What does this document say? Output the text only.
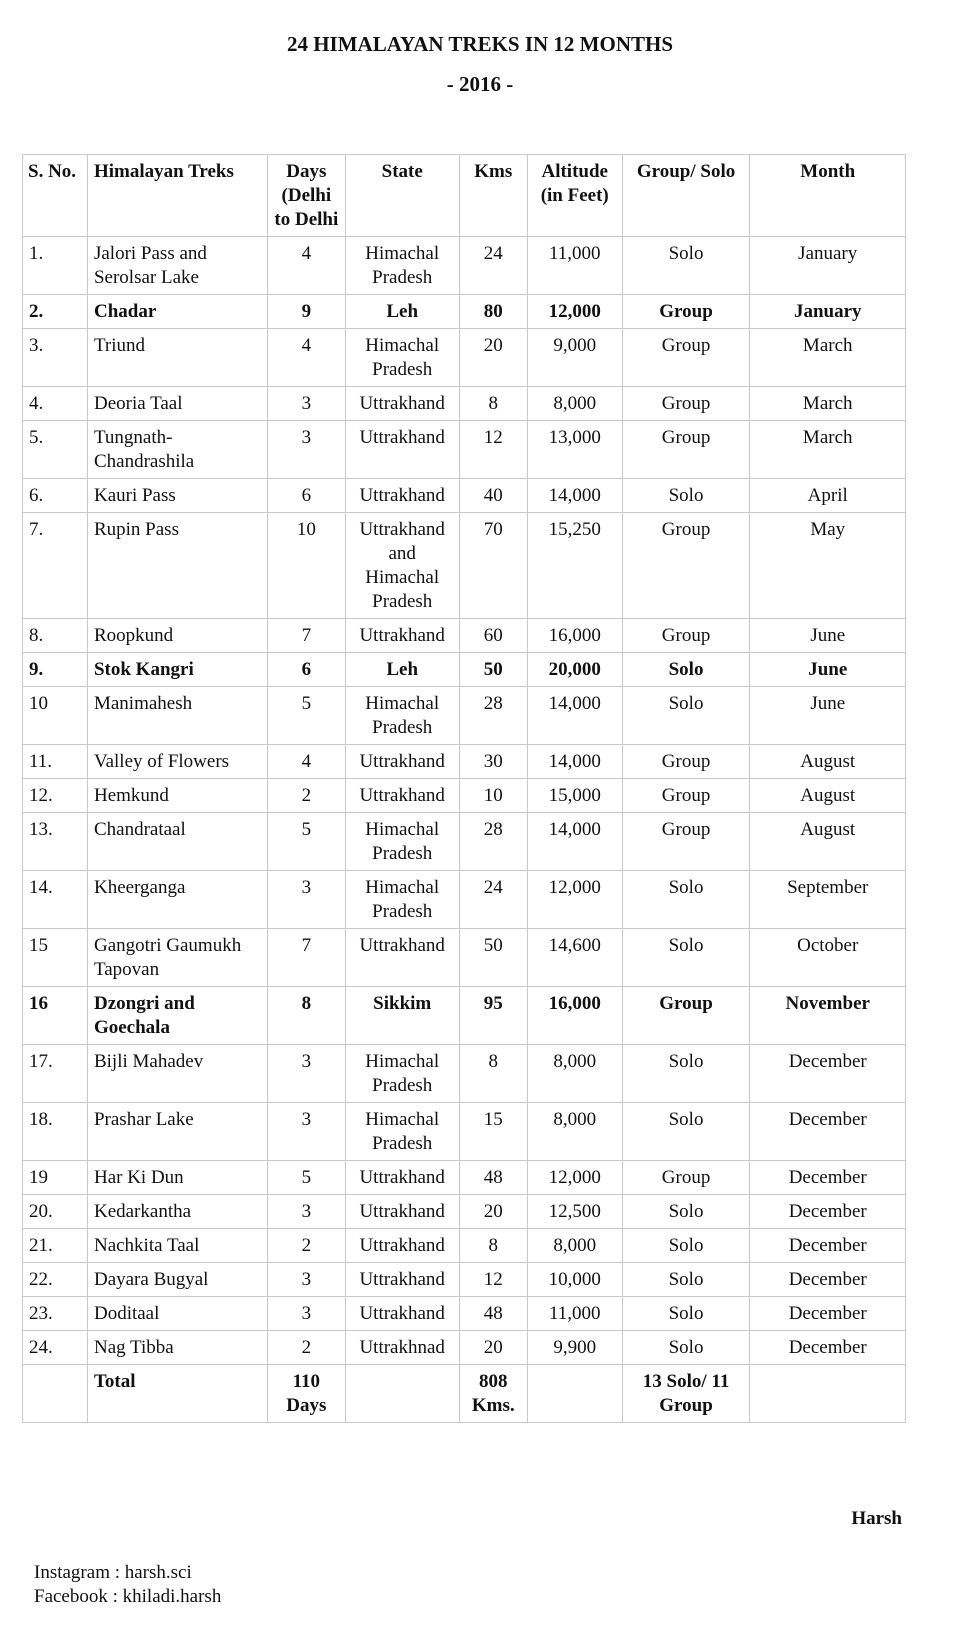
24 HIMALAYAN TREKS IN 12 MONTHS
- 2016 -
S. No.	Himalayan Treks	Days (Delhi to Delhi	State	Kms	Altitude (in Feet)	Group/ Solo	Month
1.	Jalori Pass and Serolsar Lake	4	Himachal Pradesh	24	11,000	Solo	January
2.	Chadar	9	Leh	80	12,000	Group	January
3.	Triund	4	Himachal Pradesh	20	9,000	Group	March
4.	Deoria Taal	3	Uttrakhand	8	8,000	Group	March
5.	Tungnath-Chandrashila	3	Uttrakhand	12	13,000	Group	March
6.	Kauri Pass	6	Uttrakhand	40	14,000	Solo	April
7.	Rupin Pass	10	Uttrakhand and Himachal Pradesh	70	15,250	Group	May
8.	Roopkund	7	Uttrakhand	60	16,000	Group	June
9.	Stok Kangri	6	Leh	50	20,000	Solo	June
10	Manimahesh	5	Himachal Pradesh	28	14,000	Solo	June
11.	Valley of Flowers	4	Uttrakhand	30	14,000	Group	August
12.	Hemkund	2	Uttrakhand	10	15,000	Group	August
13.	Chandrataal	5	Himachal Pradesh	28	14,000	Group	August
14.	Kheerganga	3	Himachal Pradesh	24	12,000	Solo	September
15	Gangotri Gaumukh Tapovan	7	Uttrakhand	50	14,600	Solo	October
16	Dzongri and Goechala	8	Sikkim	95	16,000	Group	November
17.	Bijli Mahadev	3	Himachal Pradesh	8	8,000	Solo	December
18.	Prashar Lake	3	Himachal Pradesh	15	8,000	Solo	December
19	Har Ki Dun	5	Uttrakhand	48	12,000	Group	December
20.	Kedarkantha	3	Uttrakhand	20	12,500	Solo	December
21.	Nachkita Taal	2	Uttrakhand	8	8,000	Solo	December
22.	Dayara Bugyal	3	Uttrakhand	12	10,000	Solo	December
23.	Doditaal	3	Uttrakhand	48	11,000	Solo	December
24.	Nag Tibba	2	Uttrakhnad	20	9,900	Solo	December
	Total	110 Days		808 Kms.		13 Solo/ 11 Group	
Harsh
Instagram : harsh.sci
Facebook : khiladi.harsh
